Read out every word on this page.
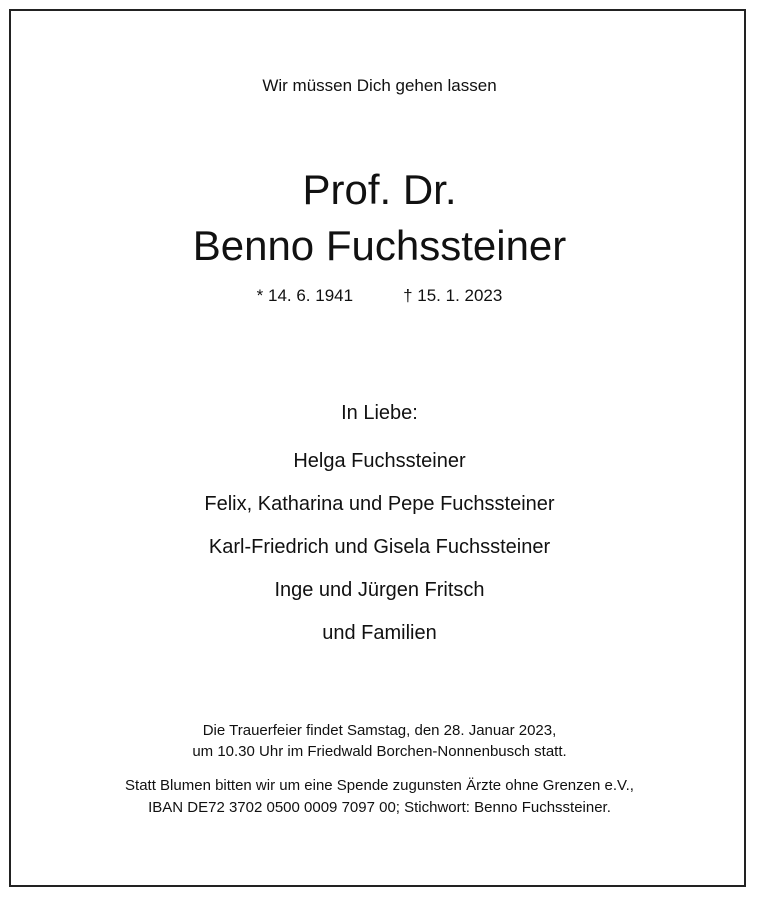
Wir müssen Dich gehen lassen
Prof. Dr.
Benno Fuchssteiner
* 14. 6. 1941	† 15. 1. 2023
In Liebe:
Helga Fuchssteiner
Felix, Katharina und Pepe Fuchssteiner
Karl-Friedrich und Gisela Fuchssteiner
Inge und Jürgen Fritsch
und Familien
Die Trauerfeier findet Samstag, den 28. Januar 2023,
um 10.30 Uhr im Friedwald Borchen-Nonnenbusch statt.
Statt Blumen bitten wir um eine Spende zugunsten Ärzte ohne Grenzen e.V.,
IBAN DE72 3702 0500 0009 7097 00; Stichwort: Benno Fuchssteiner.
